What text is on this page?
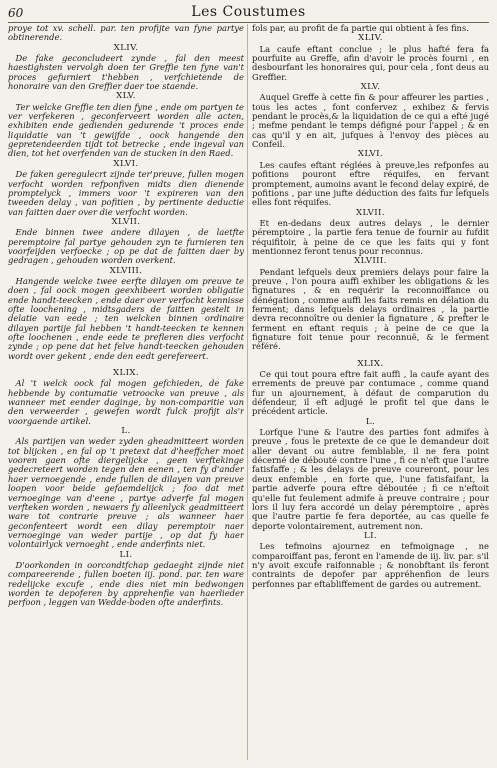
60	Les Coustumes

proye tot xv. schell. par. ten profijte van fyne partye obtinerende.

XLIV.

De fake geconcludeert zynde , fal den meest haestighsten vervolgh doen ter Greffie ten fyne van't proces gefurniert t'hebben , verfchietende de honoraire van den Greffier daer toe staende.

XLV.

Ter welcke Greffie ten dien fyne , ende om partyen te ver verfekeren , geconferveert worden alle acten, exhibiten ende gedienden gedurende 't proces ende liquidatie van 't gewijfde , oock hangende den gepretendeerden tijdt tot betrecke , ende ingeval van dien, tot het overfenden van de stucken in den Raed.

XLVI.

De faken geregulecrt zijnde ter'preuve, fullen mogen verfocht worden refponfiven midts dien dienende promptelyck , immers voor 't expireren van den tweeden delay , van pofitien , by pertinente deductie van faitten daer over die verfocht worden.

XLVII.

Ende binnen twee andere dilayen , de laetfte peremptoire fal partye gehouden zyn te furnieren ten voorfeijden verfoecke ; op pe dat de faitten daer by gedragen , gehouden worden overkent.

XLVIII.

Hangende welcke twee eerfte dilayen om preuve te doen , fal oock mogen geexhibeert worden obligatie ende handt-teecken , ende daer over verfocht kennisse ofte loochening , midtsgaders de faitten gestelt in delatie van eede ; ten welcken binnen ordinaire dilayen partije fal hebben 't handt-teecken te kennen ofte loochenen , ende eede te prefleren dies verfocht zynde ; op pene dat het felve handt-teecken gehouden wordt over gekent , ende den eedt gerefereert.

XLIX.

Al 't welck oock fal mogen gefchieden, de fake hebbende by contumatie vetroocke van preuve , als wanneer met eender dagingе, by non-comparitie van den verweerder , gewefen wordt fulck profijt als'r voorgaende artikel.

L.

Als partijen van weder zyden gheadmitteert worden tot blijcken , en fal op 't pretext dat d'heeffcher moet vooren gaen ofte diergelijcke , geen verftekinge gedecreteert worden tegen den eenen , ten fy d'ander haer vernoegende , ende fullen de dilayen van preuve loopen voor beide gefaemdelijck ; foo dat met vernoeginge van d'eene , partye adverfe fal mogen verfteken worden , newaers fy alleenlyck geadmitteert ware tot contrarie preuve ; als wanneer haer geconfenteert wordt een dilay peremptoir naer vernoeginge van weder partije , op dat fy haer volontairlyck vernoeght , ende anderfints niet.

LI.

D'oorkonden in oorcondtfchap gedaeght zijnde niet compareerende , fullen boeten iij. pond. par. ten ware redelijcke excufe , ende dies niet min bedwongen worden te depoferen by apprehenfie van haerlieder perfoon , leggen van Wedde-boden ofte anderfints.

fols par, au profit de fa partie qui obtient à fes fins.

XLIV.

La caufe eftant conclue ; le plus hafté fera fa pourfuite au Greffe, afin d'avoir le procès fourni , en desbourfant les honoraires qui, pour cela , font deus au Greffier.

XLV.

Auquel Greffe à cette fin & pour affeurer les parties , tous les actes , font confervez , exhibez & fervis pendant le procès,& la liquidation de ce qui a efté jugé ; mefme pendant le temps défigné pour l'appel ; & en cas qu'il y en ait, jufques à l'envoy des pièces au Confeil.

XLVI.

Les caufes eftant réglées à preuve,les refponfes au pofitions pouront eftre réquifes, en fervant promptement, aumoins avant le fecond delay expiré, de pofitions , par une jufte déduction des faits fur lefquels elles font réquifes.

XLVII.

Et en-dedans deux autres delays , le dernier péremptoire , la partie fera tenue de fournir au fufdit réquifitoir, à peine de ce que les faits qui y font mentionnez feront tenus pour reconnus.

XLVIII.

Pendant lefquels deux premiers delays pour faire la preuve , l'on poura auffi exhiber les obligations & les fignatures , & en requérir la reconnoiffance ou dénégation , comme auffi les faits remis en délation du ferment; dans lefquels delays ordinaires , la partie devra reconnoître ou denier la fignature , & prefter le ferment en eftant requis ; à peine de ce que la fignature foit tenue pour reconnuë, & le ferment référé.

XLIX.

Ce qui tout poura eftre fait auffi , la caufe ayant des errements de preuve par contumace , comme quand fur un ajournement, à défaut de comparution du défendeur, il eft adjugé le profit tel que dans le précédent article.

L.

Lorfque l'une & l'autre des parties font admifes à preuve , fous le pretexte de ce que le demandeur doit aller devant ou autre femblable, il ne fera point décerné de débouté contre l'une , fi ce n'eft que l'autre fatisfaffe ; & les delays de preuve coureront, pour les deux enfemble , en forte que, l'une fatisfaifant, la partie adverfe poura eftre déboutée ; fi ce n'eftoit qu'elle fut feulement admife à preuve contraire ; pour lors il luy fera accordé un delay péremptoire , après que l'autre partie fe fera deportée, au cas quelle fe deporte volontairement, autrement non.

LI.

Les tefmoins ajournez en tefmoignage , ne comparoiffant pas, feront en l'amende de iij. liv. par. s'il n'y avoit excufe raifonnable ; & nonobftant ils feront contraints de depofer par appréhenfion de leurs perfonnes par eftabliffement de gardes ou autrement.
